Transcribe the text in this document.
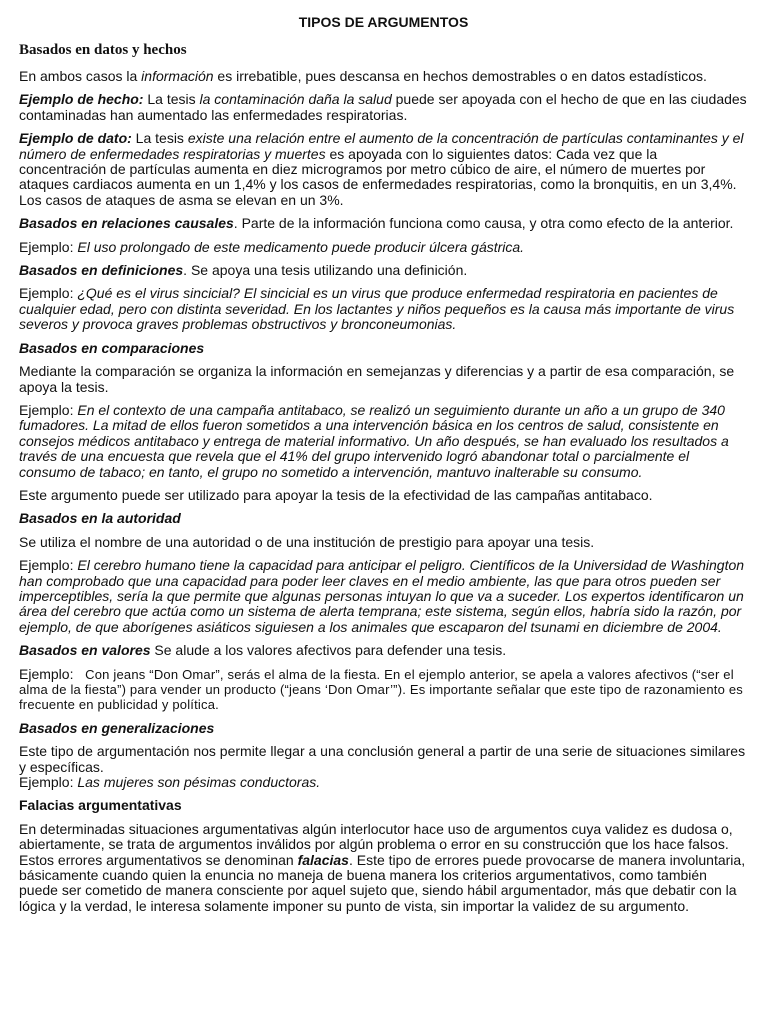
TIPOS DE ARGUMENTOS
Basados en datos y hechos

En ambos casos la información es irrebatible, pues descansa en hechos demostrables o en datos estadísticos.

Ejemplo de hecho: La tesis la contaminación daña la salud puede ser apoyada con el hecho de que en las ciudades contaminadas han aumentado las enfermedades respiratorias.

Ejemplo de dato: La tesis existe una relación entre el aumento de la concentración de partículas contaminantes y el número de enfermedades respiratorias y muertes es apoyada con lo siguientes datos: Cada vez que la concentración de partículas aumenta en diez microgramos por metro cúbico de aire, el número de muertes por ataques cardiacos aumenta en un 1,4% y los casos de enfermedades respiratorias, como la bronquitis, en un 3,4%. Los casos de ataques de asma se elevan en un 3%.

Basados en relaciones causales. Parte de la información funciona como causa, y otra como efecto de la anterior.

Ejemplo: El uso prolongado de este medicamento puede producir úlcera gástrica.

Basados en definiciones. Se apoya una tesis utilizando una definición.

Ejemplo: ¿Qué es el virus sincicial? El sincicial es un virus que produce enfermedad respiratoria en pacientes de cualquier edad, pero con distinta severidad. En los lactantes y niños pequeños es la causa más importante de virus severos y provoca graves problemas obstructivos y bronconeumonias.

Basados en comparaciones

Mediante la comparación se organiza la información en semejanzas y diferencias y a partir de esa comparación, se apoya la tesis.

Ejemplo: En el contexto de una campaña antitabaco, se realizó un seguimiento durante un año a un grupo de 340 fumadores. La mitad de ellos fueron sometidos a una intervención básica en los centros de salud, consistente en consejos médicos antitabaco y entrega de material informativo. Un año después, se han evaluado los resultados a través de una encuesta que revela que el 41% del grupo intervenido logró abandonar total o parcialmente el consumo de tabaco; en tanto, el grupo no sometido a intervención, mantuvo inalterable su consumo.

Este argumento puede ser utilizado para apoyar la tesis de la efectividad de las campañas antitabaco.

Basados en la autoridad

Se utiliza el nombre de una autoridad o de una institución de prestigio para apoyar una tesis.

Ejemplo: El cerebro humano tiene la capacidad para anticipar el peligro. Científicos de la Universidad de Washington han comprobado que una capacidad para poder leer claves en el medio ambiente, las que para otros pueden ser imperceptibles, sería la que permite que algunas personas intuyan lo que va a suceder. Los expertos identificaron un área del cerebro que actúa como un sistema de alerta temprana; este sistema, según ellos, habría sido la razón, por ejemplo, de que aborígenes asiáticos siguiesen a los animales que escaparon del tsunami en diciembre de 2004.

Basados en valores Se alude a los valores afectivos para defender una tesis.

Ejemplo:   Con jeans “Don Omar”, serás el alma de la fiesta. En el ejemplo anterior, se apela a valores afectivos (“ser el alma de la fiesta”) para vender un producto (“jeans ‘Don Omar’”). Es importante señalar que este tipo de razonamiento es frecuente en publicidad y política.

Basados en generalizaciones

Este tipo de argumentación nos permite llegar a una conclusión general a partir de una serie de situaciones similares y específicas.

Ejemplo: Las mujeres son pésimas conductoras.

Falacias argumentativas

En determinadas situaciones argumentativas algún interlocutor hace uso de argumentos cuya validez es dudosa o, abiertamente, se trata de argumentos inválidos por algún problema o error en su construcción que los hace falsos. Estos errores argumentativos se denominan falacias. Este tipo de errores puede provocarse de manera involuntaria, básicamente cuando quien la enuncia no maneja de buena manera los criterios argumentativos, como también puede ser cometido de manera consciente por aquel sujeto que, siendo hábil argumentador, más que debatir con la lógica y la verdad, le interesa solamente imponer su punto de vista, sin importar la validez de su argumento.
